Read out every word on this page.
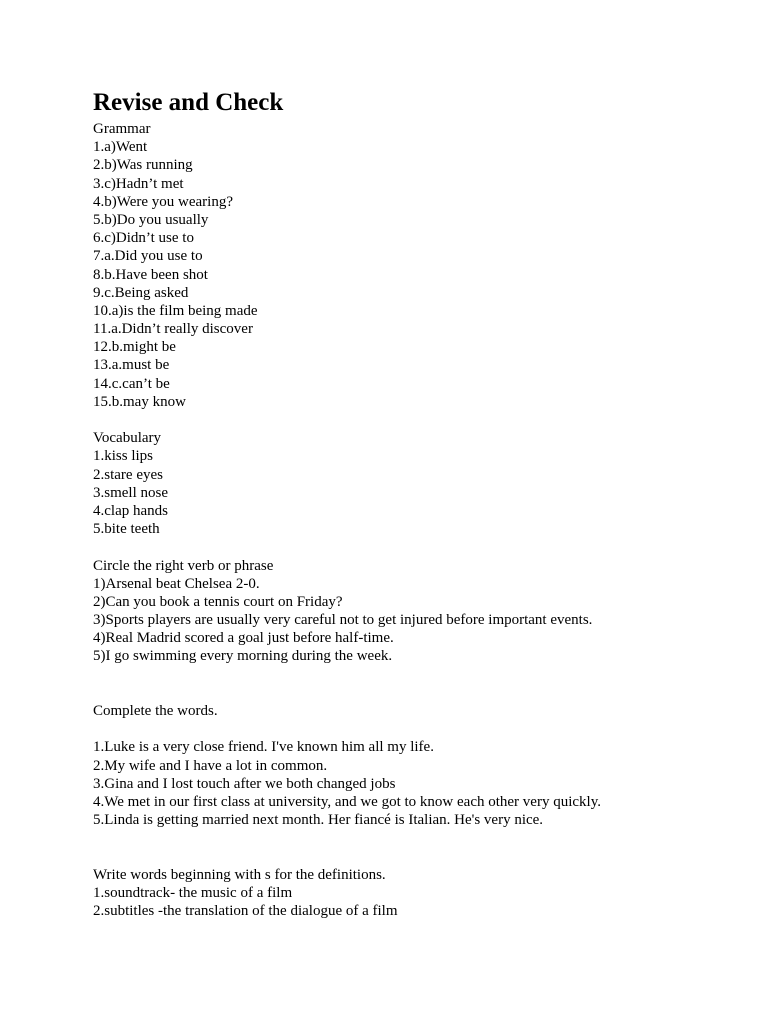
Revise and Check
Grammar
1.a)Went
2.b)Was running
3.c)Hadn’t met
4.b)Were you wearing?
5.b)Do you usually
6.c)Didn’t use to
7.a.Did you use to
8.b.Have been shot
9.c.Being asked
10.a)is the film being made
11.a.Didn’t really discover
12.b.might be
13.a.must be
14.c.can’t be
15.b.may know
Vocabulary
1.kiss lips
2.stare eyes
3.smell nose
4.clap hands
5.bite teeth
Circle the right verb or phrase
1)Arsenal beat Chelsea 2-0.
2)Can you book a tennis court on Friday?
3)Sports players are usually very careful not to get injured before important events.
4)Real Madrid scored a goal just before half-time.
5)I go swimming every morning during the week.
Complete the words.
1.Luke is a very close friend. I've known him all my life.
2.My wife and I have a lot in common.
3.Gina and I lost touch after we both changed jobs
4.We met in our first class at university, and we got to know each other very quickly.
5.Linda is getting married next month. Her fiancé is Italian. He's very nice.
Write words beginning with s for the definitions.
1.soundtrack- the music of a film
2.subtitles -the translation of the dialogue of a film
